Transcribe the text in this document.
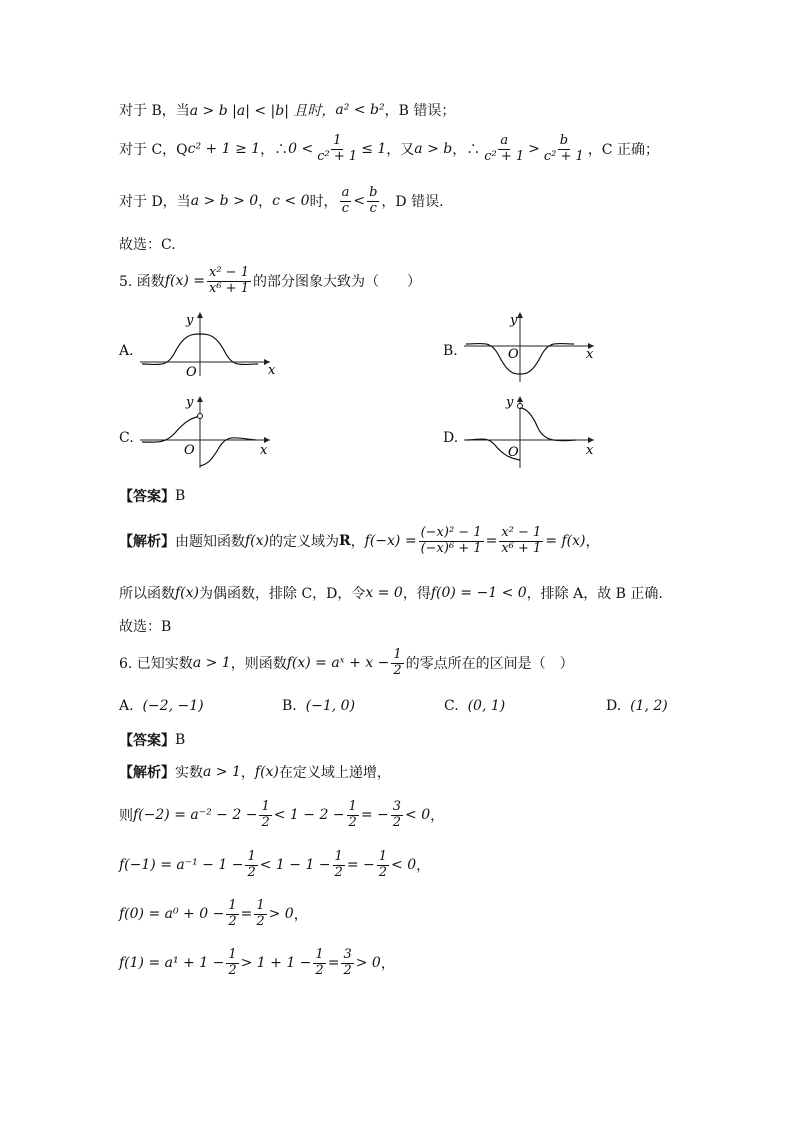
对于 B，当 a > b |a| < |b| 且时， a² < b² ，B 错误；
对于 C，Q c² + 1 ≥ 1 ，∴ $0 < \frac{1}{\text{c² + 1}} \le 1$ ，又 a > b ，∴ $\frac{a}{\text{c² + 1}} > \frac{b}{\text{c² + 1}}$ ，C 正确；
对于 D，当 a > b > 0 ， c < 0 时， $\frac{a}{c} < \frac{b}{c}$ ，D 错误.
故选：C.
5. 函数 $f(x) = \frac{\text{x² − 1}}{\text{x⁶ + 1}}$ 的部分图象大致为（　　）
A.
y
x
O
B.
y
x
O
C.
y
x
O
D.
y
x
O
【答案】 B
【解析】 由题知函数 f(x) 的定义域为 R ， $f(-x) = \frac{\text{(−x)² − 1}}{\text{(−x)⁶ + 1}} = \frac{\text{x² − 1}}{\text{x⁶ + 1}} = f(x)$ ，
所以函数 f(x) 为偶函数，排除 C，D，令 x = 0 ，得 f(0) = −1 < 0 ，排除 A，故 B 正确.
故选：B
6. 已知实数 a > 1 ，则函数 f(x) = aˣ + $x - \frac{1}{2}$ 的零点所在的区间是（　）
A.
(−2, −1)	B.
(−1, 0)	C.
(0, 1)	D.
(1, 2)
【答案】 B
【解析】 实数 a > 1 ， f(x) 在定义域上递增，
则 $f(-2) = a^{-2} - 2 - \frac{1}{2} < 1 - 2 - \frac{1}{2}$ = − $\frac{3}{2} < 0$ ，
$f(-1) = a^{-1} - 1 - \frac{1}{2} < 1 - 1 - \frac{1}{2}$ = − $\frac{1}{2} < 0$ ，
$f(0) = a^0 + 0 - \frac{1}{2} = \frac{1}{2} > 0$ ，
$f(1) = a^1 + 1 - \frac{1}{2} > 1 + 1 - \frac{1}{2} = \frac{3}{2} > 0$ ，
